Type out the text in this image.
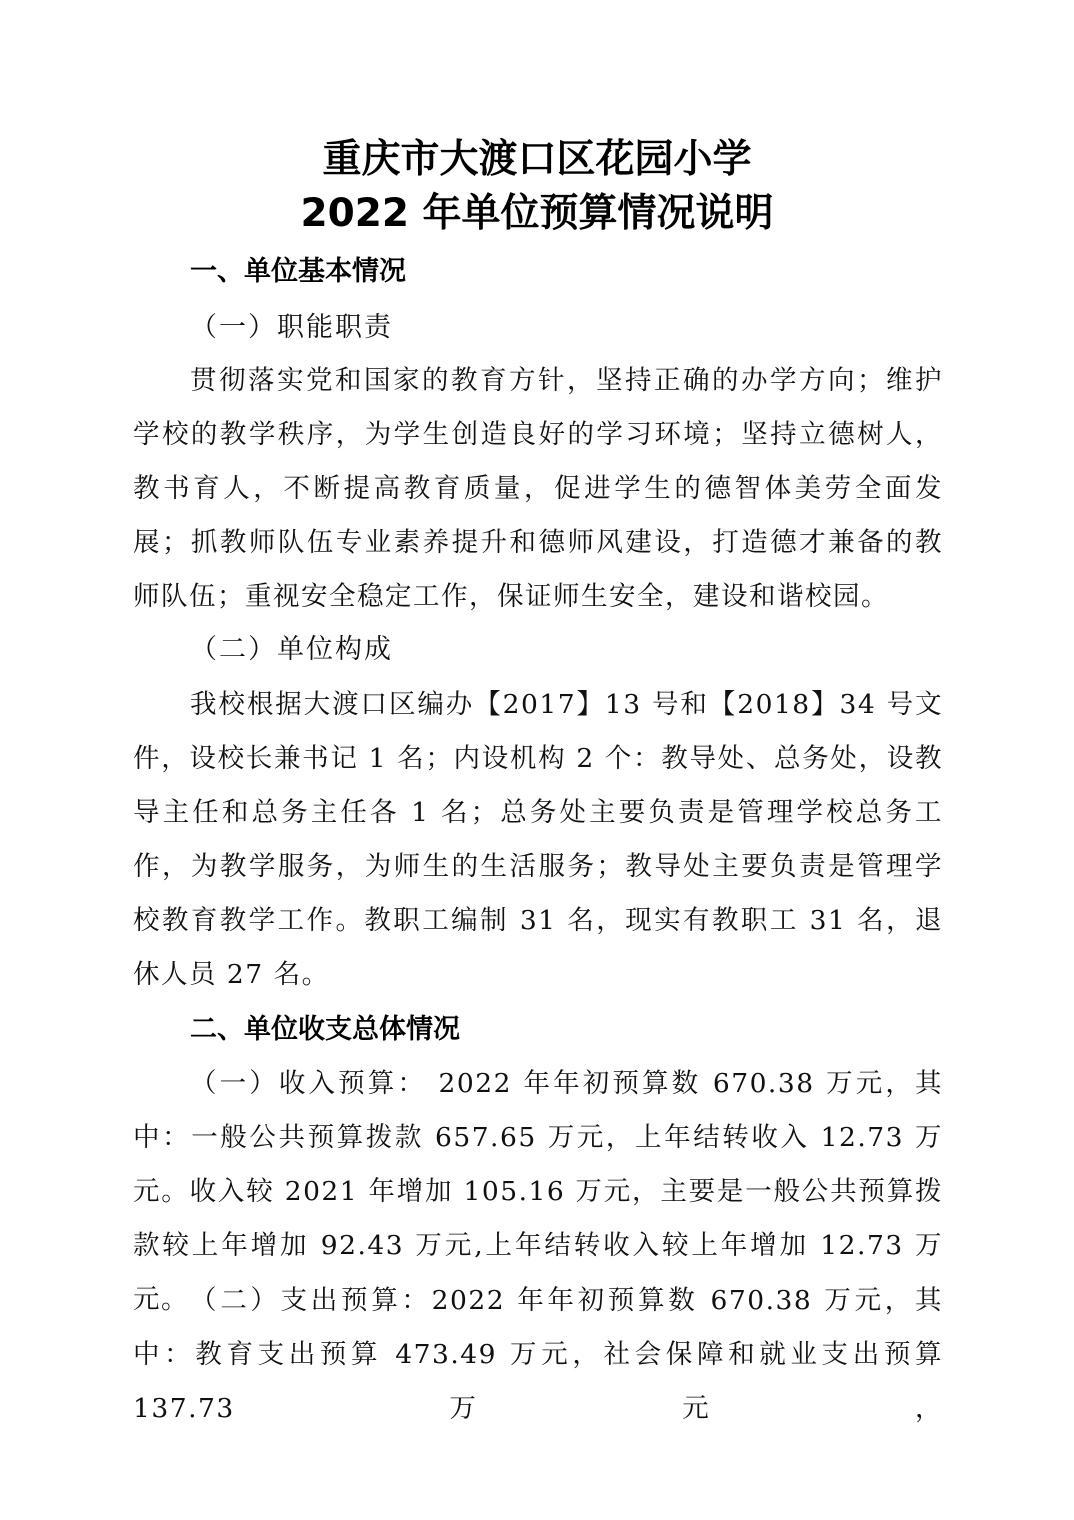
重庆市大渡口区花园小学
2022 年单位预算情况说明
一、单位基本情况
（一）职能职责
贯彻落实党和国家的教育方针，坚持正确的办学方向；维护学校的教学秩序，为学生创造良好的学习环境；坚持立德树人，教书育人，不断提高教育质量，促进学生的德智体美劳全面发展；抓教师队伍专业素养提升和德师风建设，打造德才兼备的教师队伍；重视安全稳定工作，保证师生安全，建设和谐校园。
（二）单位构成
我校根据大渡口区编办【2017】13 号和【2018】34 号文件，设校长兼书记 1 名；内设机构 2 个：教导处、总务处，设教导主任和总务主任各 1 名；总务处主要负责是管理学校总务工作，为教学服务，为师生的生活服务；教导处主要负责是管理学校教育教学工作。教职工编制 31 名，现实有教职工 31 名，退休人员 27 名。
二、单位收支总体情况
（一）收入预算： 2022 年年初预算数 670.38 万元，其中：一般公共预算拨款 657.65 万元，上年结转收入 12.73 万元。收入较 2021 年增加 105.16 万元，主要是一般公共预算拨款较上年增加 92.43 万元,上年结转收入较上年增加 12.73 万元。 （二）支出预算：2022 年年初预算数 670.38 万元，其中：教育支出预算 473.49 万元，社会保障和就业支出预算 137.73 万元，
